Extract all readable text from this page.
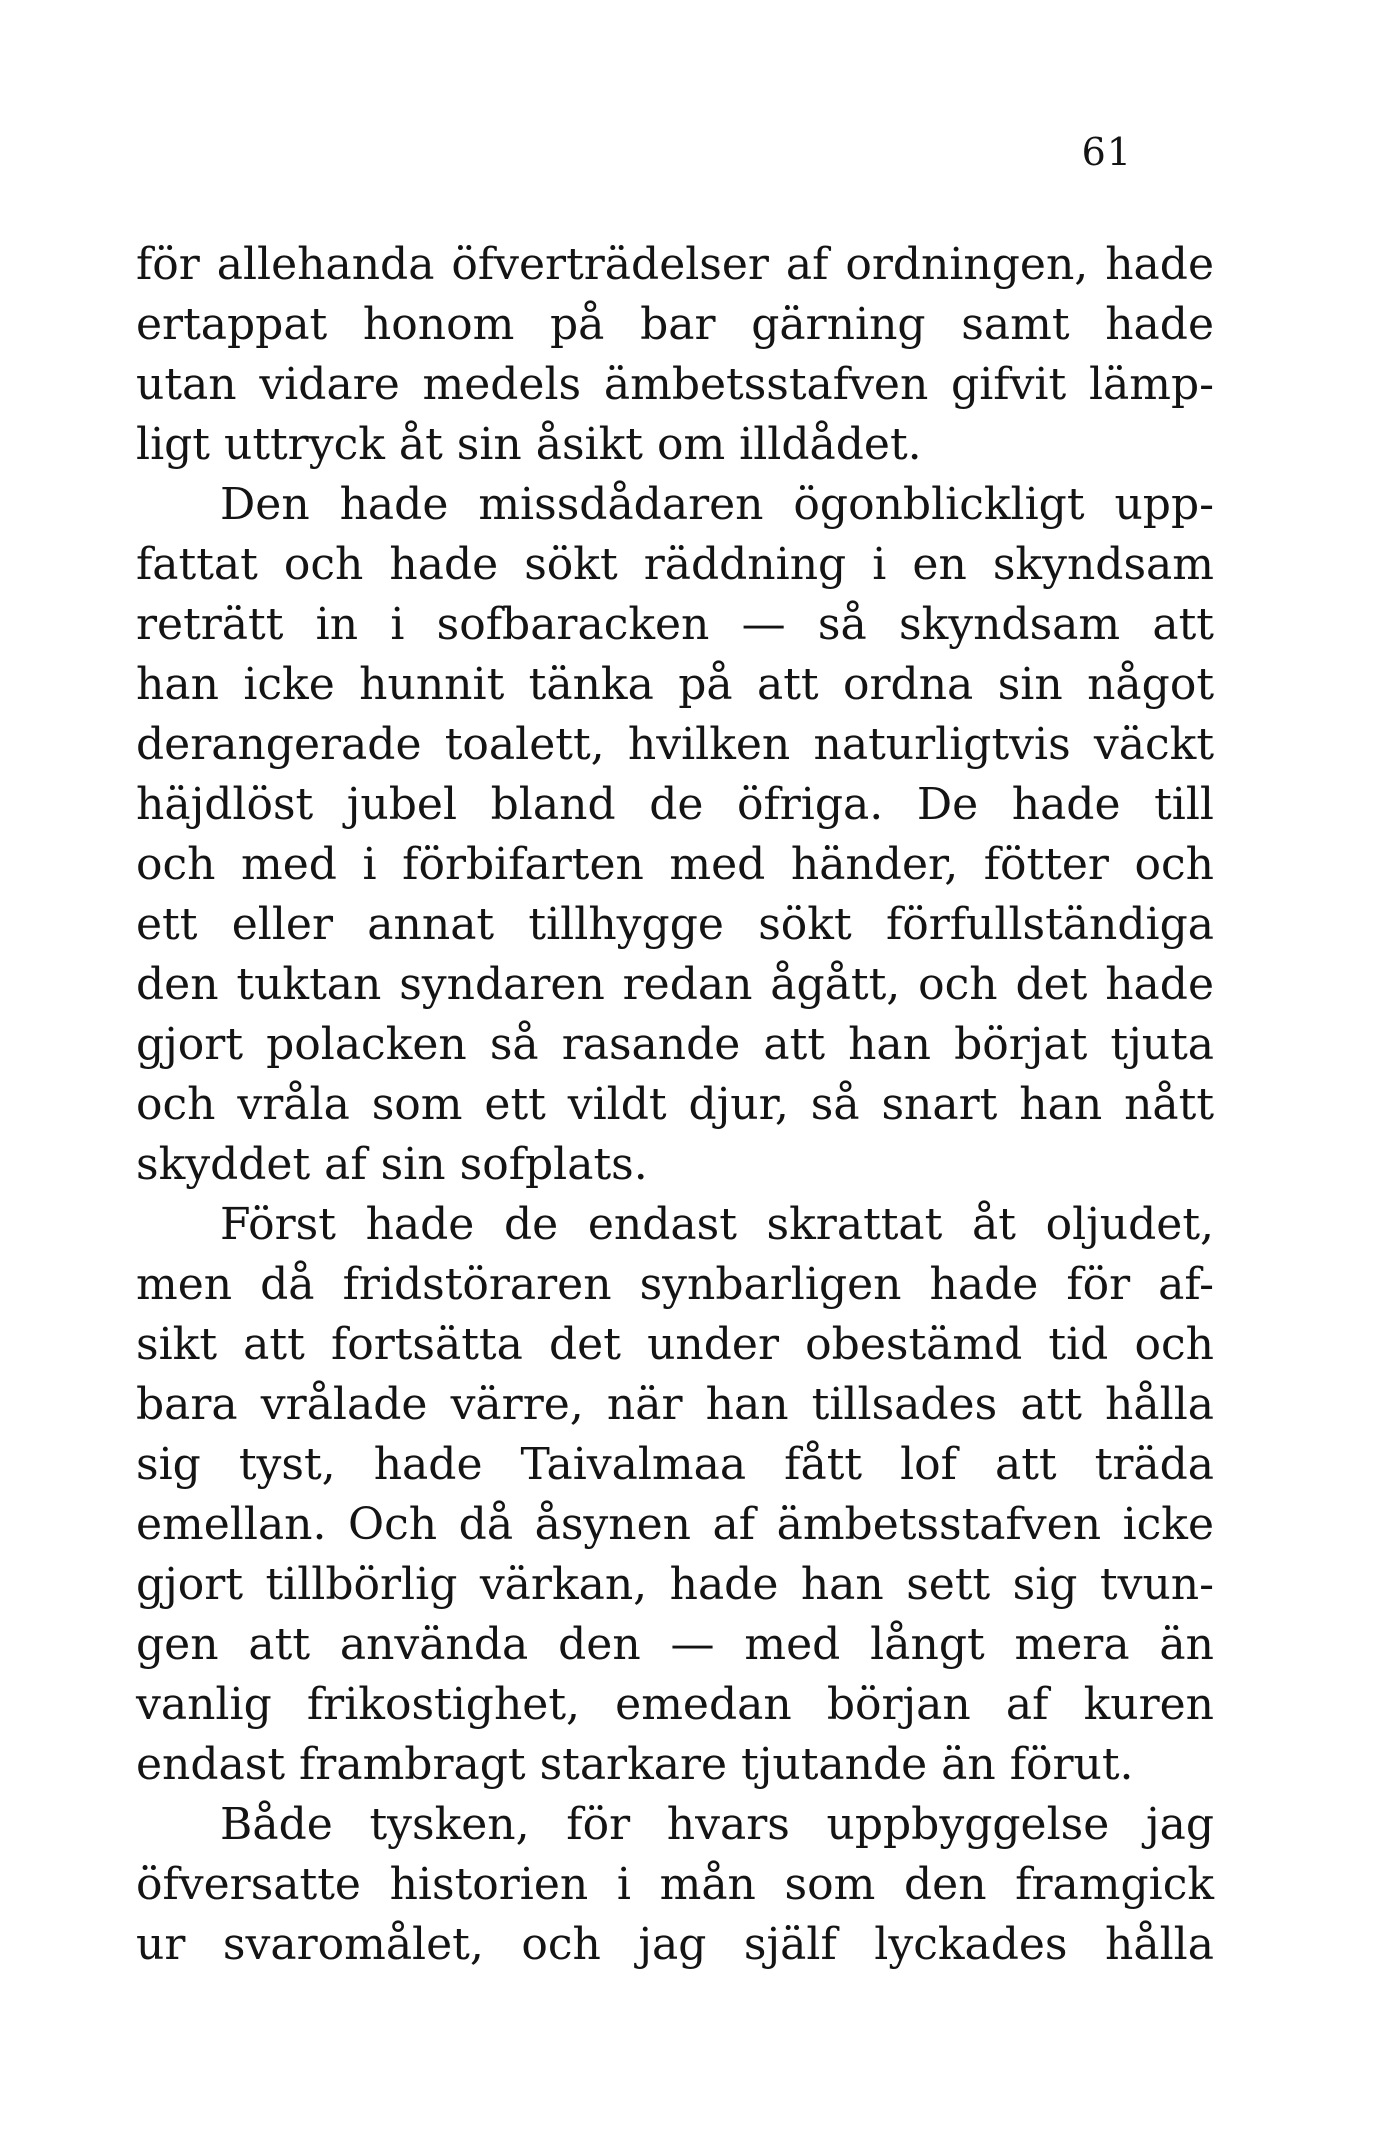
61

för allehanda öfverträdelser af ordningen, hade
ertappat honom på bar gärning samt hade
utan vidare medels ämbetsstafven gifvit lämp-
ligt uttryck åt sin åsikt om illdådet.
Den hade missdådaren ögonblickligt upp-
fattat och hade sökt räddning i en skyndsam
reträtt in i sofbaracken — så skyndsam att
han icke hunnit tänka på att ordna sin något
derangerade toalett, hvilken naturligtvis väckt
häjdlöst jubel bland de öfriga. De hade till
och med i förbifarten med händer, fötter och
ett eller annat tillhygge sökt förfullständiga
den tuktan syndaren redan ågått, och det hade
gjort polacken så rasande att han börjat tjuta
och vråla som ett vildt djur, så snart han nått
skyddet af sin sofplats.
Först hade de endast skrattat åt oljudet,
men då fridstöraren synbarligen hade för af-
sikt att fortsätta det under obestämd tid och
bara vrålade värre, när han tillsades att hålla
sig tyst, hade Taivalmaa fått lof att träda
emellan. Och då åsynen af ämbetsstafven icke
gjort tillbörlig värkan, hade han sett sig tvun-
gen att använda den — med långt mera än
vanlig frikostighet, emedan början af kuren
endast frambragt starkare tjutande än förut.
Både tysken, för hvars uppbyggelse jag
öfversatte historien i mån som den framgick
ur svaromålet, och jag själf lyckades hålla
